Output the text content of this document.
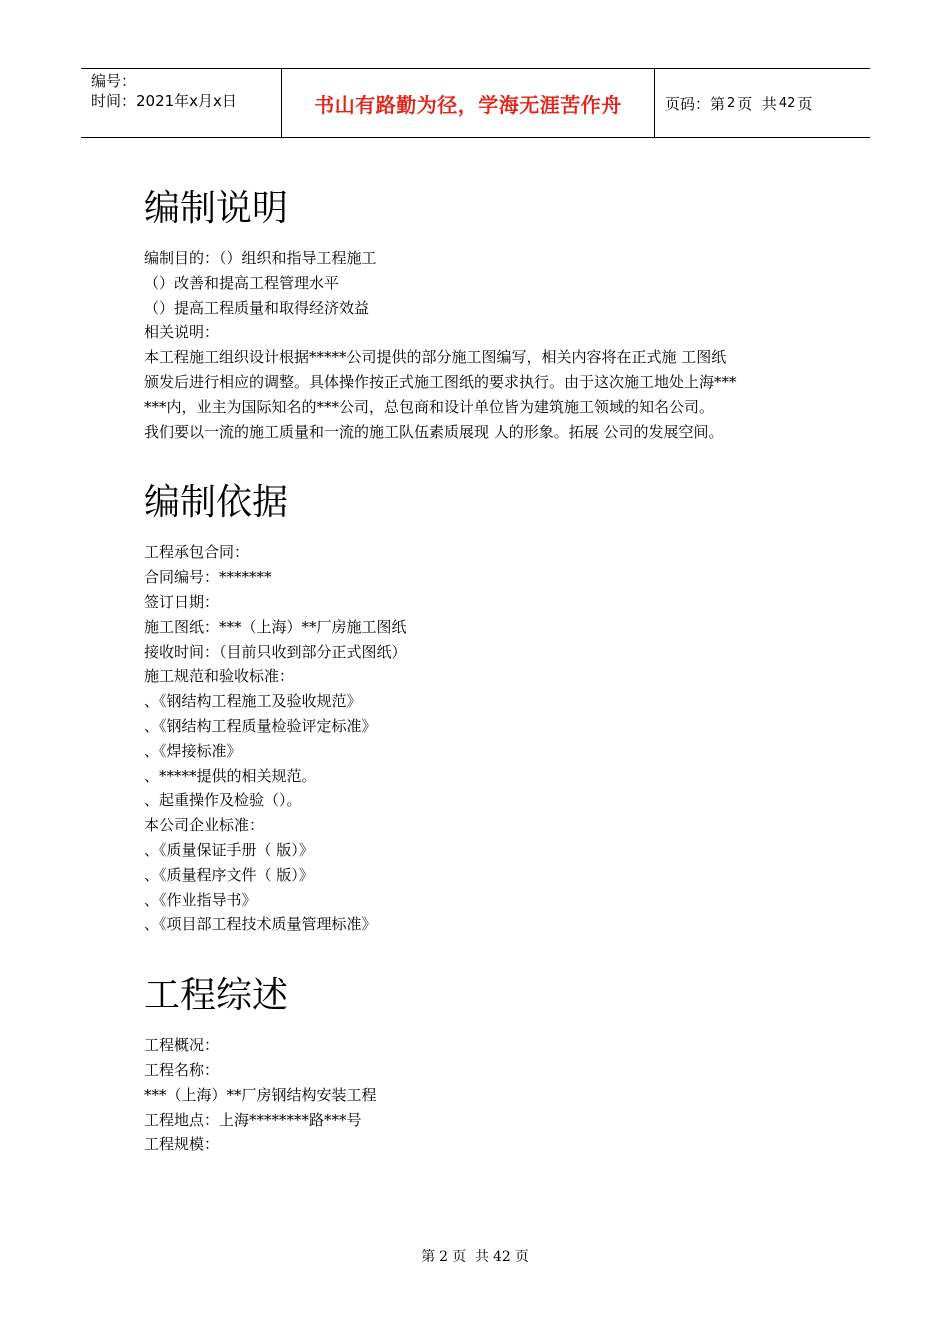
编号：
时间：2021年x月x日	书山有路勤为径，学海无涯苦作舟	页码：第 2 页  共 42 页
编制说明
编制目的：（）组织和指导工程施工
（）改善和提高工程管理水平
（）提高工程质量和取得经济效益
相关说明：
本工程施工组织设计根据*****公司提供的部分施工图编写，相关内容将在正式施 工图纸
颁发后进行相应的调整。具体操作按正式施工图纸的要求执行。由于这次施工地处上海***
***内，业主为国际知名的***公司，总包商和设计单位皆为建筑施工领域的知名公司。
我们要以一流的施工质量和一流的施工队伍素质展现 人的形象。拓展 公司的发展空间。
编制依据
工程承包合同：
合同编号：*******
签订日期：
施工图纸：***（上海）**厂房施工图纸
接收时间：（目前只收到部分正式图纸）
施工规范和验收标准：
、《钢结构工程施工及验收规范》
、《钢结构工程质量检验评定标准》
、《焊接标准》
、*****提供的相关规范。
、起重操作及检验（）。
本公司企业标准：
、《质量保证手册（ 版）》
、《质量程序文件（ 版）》
、《作业指导书》
、《项目部工程技术质量管理标准》
工程综述
工程概况：
工程名称：
***（上海）**厂房钢结构安装工程
工程地点：上海********路***号
工程规模：
第 2 页  共 42 页
